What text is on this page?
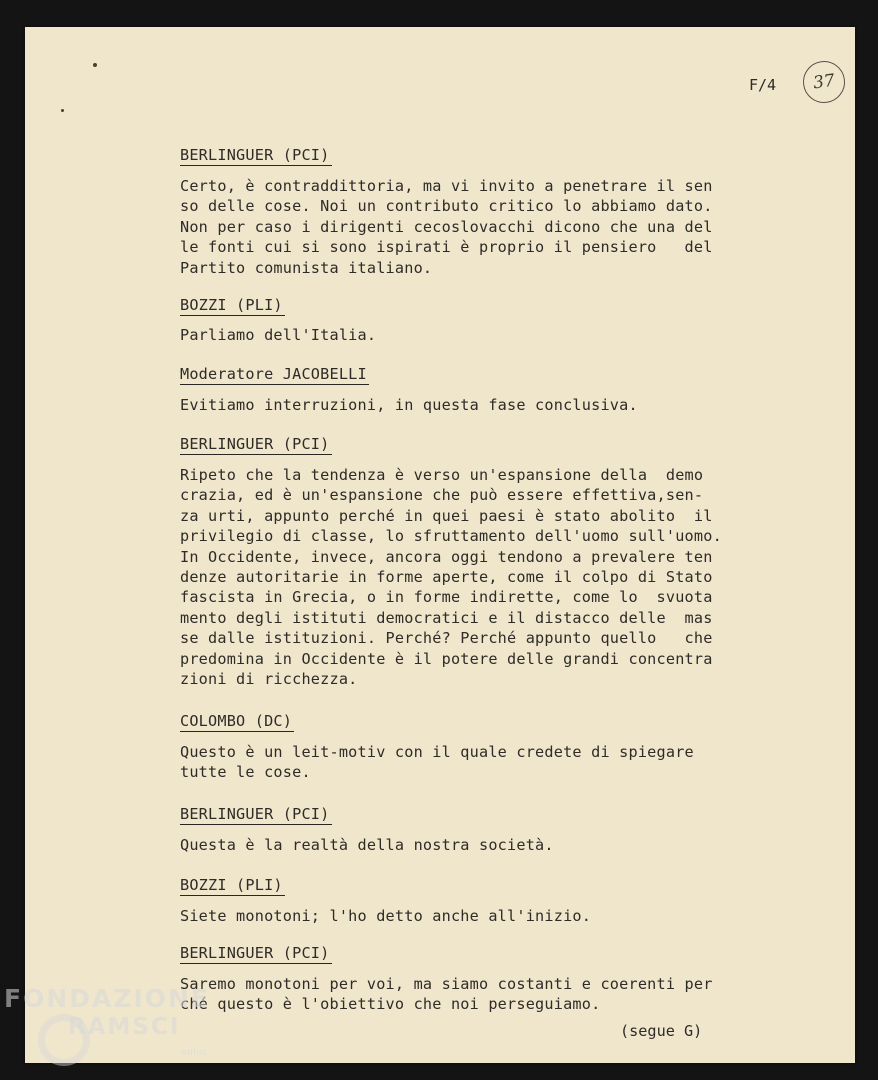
37
F/4
BERLINGUER (PCI)
Certo, è contraddittoria, ma vi invito a penetrare il sen
so delle cose. Noi un contributo critico lo abbiamo dato.
Non per caso i dirigenti cecoslovacchi dicono che una del
le fonti cui si sono ispirati è proprio il pensiero   del
Partito comunista italiano.
BOZZI (PLI)
Parliamo dell'Italia.
Moderatore JACOBELLI
Evitiamo interruzioni, in questa fase conclusiva.
BERLINGUER (PCI)
Ripeto che la tendenza è verso un'espansione della  demo
crazia, ed è un'espansione che può essere effettiva,sen-
za urti, appunto perché in quei paesi è stato abolito  il
privilegio di classe, lo sfruttamento dell'uomo sull'uomo.
In Occidente, invece, ancora oggi tendono a prevalere ten
denze autoritarie in forme aperte, come il colpo di Stato
fascista in Grecia, o in forme indirette, come lo  svuota
mento degli istituti democratici e il distacco delle  mas
se dalle istituzioni. Perché? Perché appunto quello   che
predomina in Occidente è il potere delle grandi concentra
zioni di ricchezza.
COLOMBO (DC)
Questo è un leit-motiv con il quale credete di spiegare
tutte le cose.
BERLINGUER (PCI)
Questa è la realtà della nostra società.
BOZZI (PLI)
Siete monotoni; l'ho detto anche all'inizio.
BERLINGUER (PCI)
Saremo monotoni per voi, ma siamo costanti e coerenti per
ché questo è l'obiettivo che noi perseguiamo.
(segue G)
FONDAZIONE
RAMSCI
onlus
